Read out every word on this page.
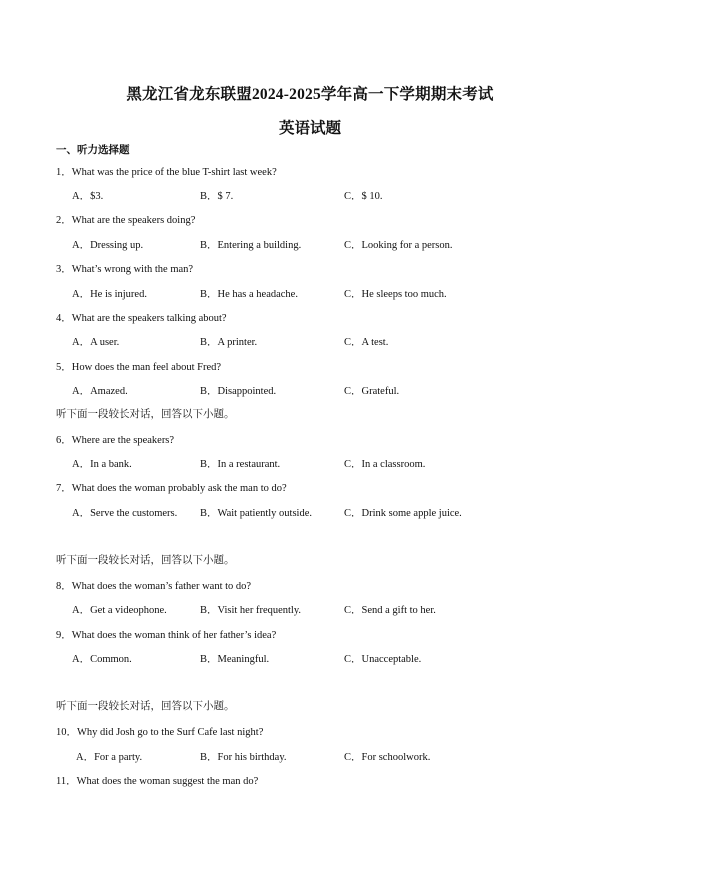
黑龙江省龙东联盟2024-2025学年高一下学期期末考试
英语试题
一、听力选择题
1．What was the price of the blue T-shirt last week?
A．$3.	B．$ 7.	C．$ 10.
2．What are the speakers doing?
A．Dressing up.	B．Entering a building.	C．Looking for a person.
3．What’s wrong with the man?
A．He is injured.	B．He has a headache.	C．He sleeps too much.
4．What are the speakers talking about?
A．A user.	B．A printer.	C．A test.
5．How does the man feel about Fred?
A．Amazed.	B．Disappointed.	C．Grateful.
听下面一段较长对话，回答以下小题。
6．Where are the speakers?
A．In a bank.	B．In a restaurant.	C．In a classroom.
7．What does the woman probably ask the man to do?
A．Serve the customers. B．Wait patiently outside.	C．Drink some apple juice.
听下面一段较长对话，回答以下小题。
8．What does the woman’s father want to do?
A．Get a videophone.	B．Visit her frequently.	C．Send a gift to her.
9．What does the woman think of her father’s idea?
A．Common.	B．Meaningful.	C．Unacceptable.
听下面一段较长对话，回答以下小题。
10．Why did Josh go to the Surf Cafe last night?
A．For a party.	B．For his birthday.	C．For schoolwork.
11．What does the woman suggest the man do?
